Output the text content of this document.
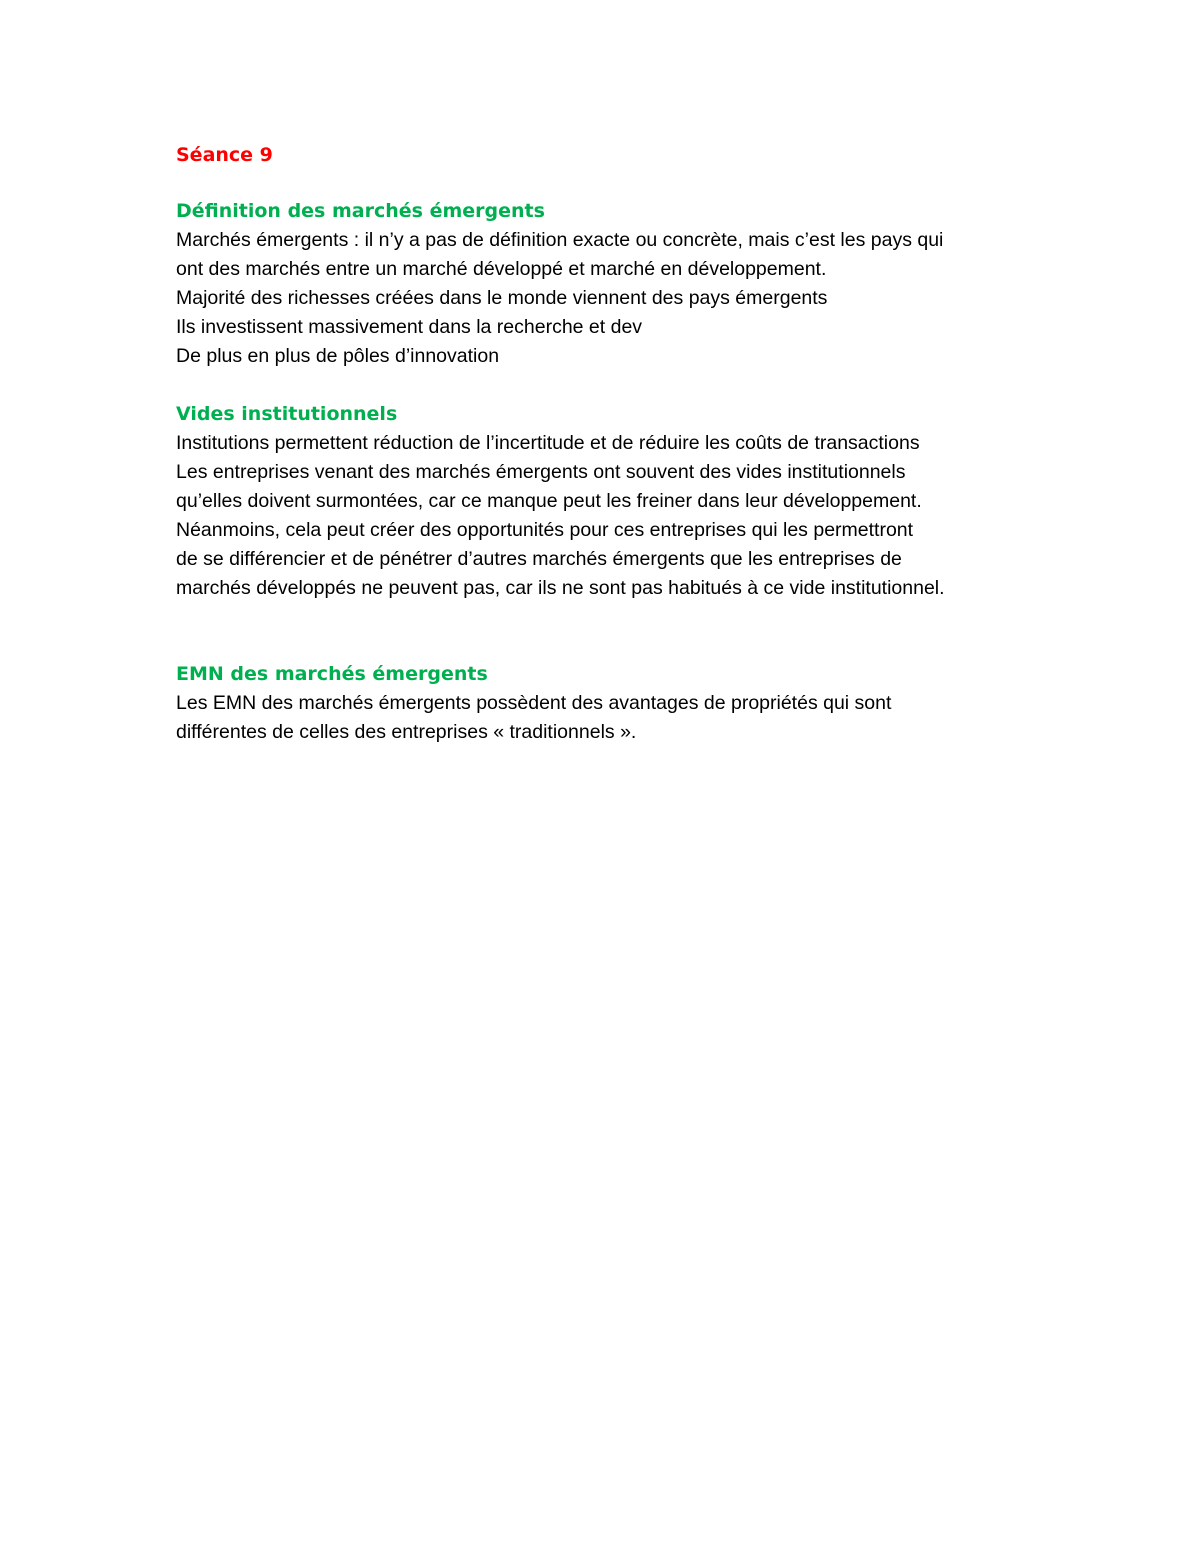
Séance 9

Définition des marchés émergents

Marchés émergents : il n’y a pas de définition exacte ou concrète, mais c’est les pays qui

ont des marchés entre un marché développé et marché en développement.

Majorité des richesses créées dans le monde viennent des pays émergents

Ils investissent massivement dans la recherche et dev

De plus en plus de pôles d’innovation

Vides institutionnels

Institutions permettent réduction de l’incertitude et de réduire les coûts de transactions

Les entreprises venant des marchés émergents ont souvent des vides institutionnels

qu’elles doivent surmontées, car ce manque peut les freiner dans leur développement.

Néanmoins, cela peut créer des opportunités pour ces entreprises qui les permettront

de se différencier et de pénétrer d’autres marchés émergents que les entreprises de

marchés développés ne peuvent pas, car ils ne sont pas habitués à ce vide institutionnel.

EMN des marchés émergents

Les EMN des marchés émergents possèdent des avantages de propriétés qui sont

différentes de celles des entreprises « traditionnels ».
